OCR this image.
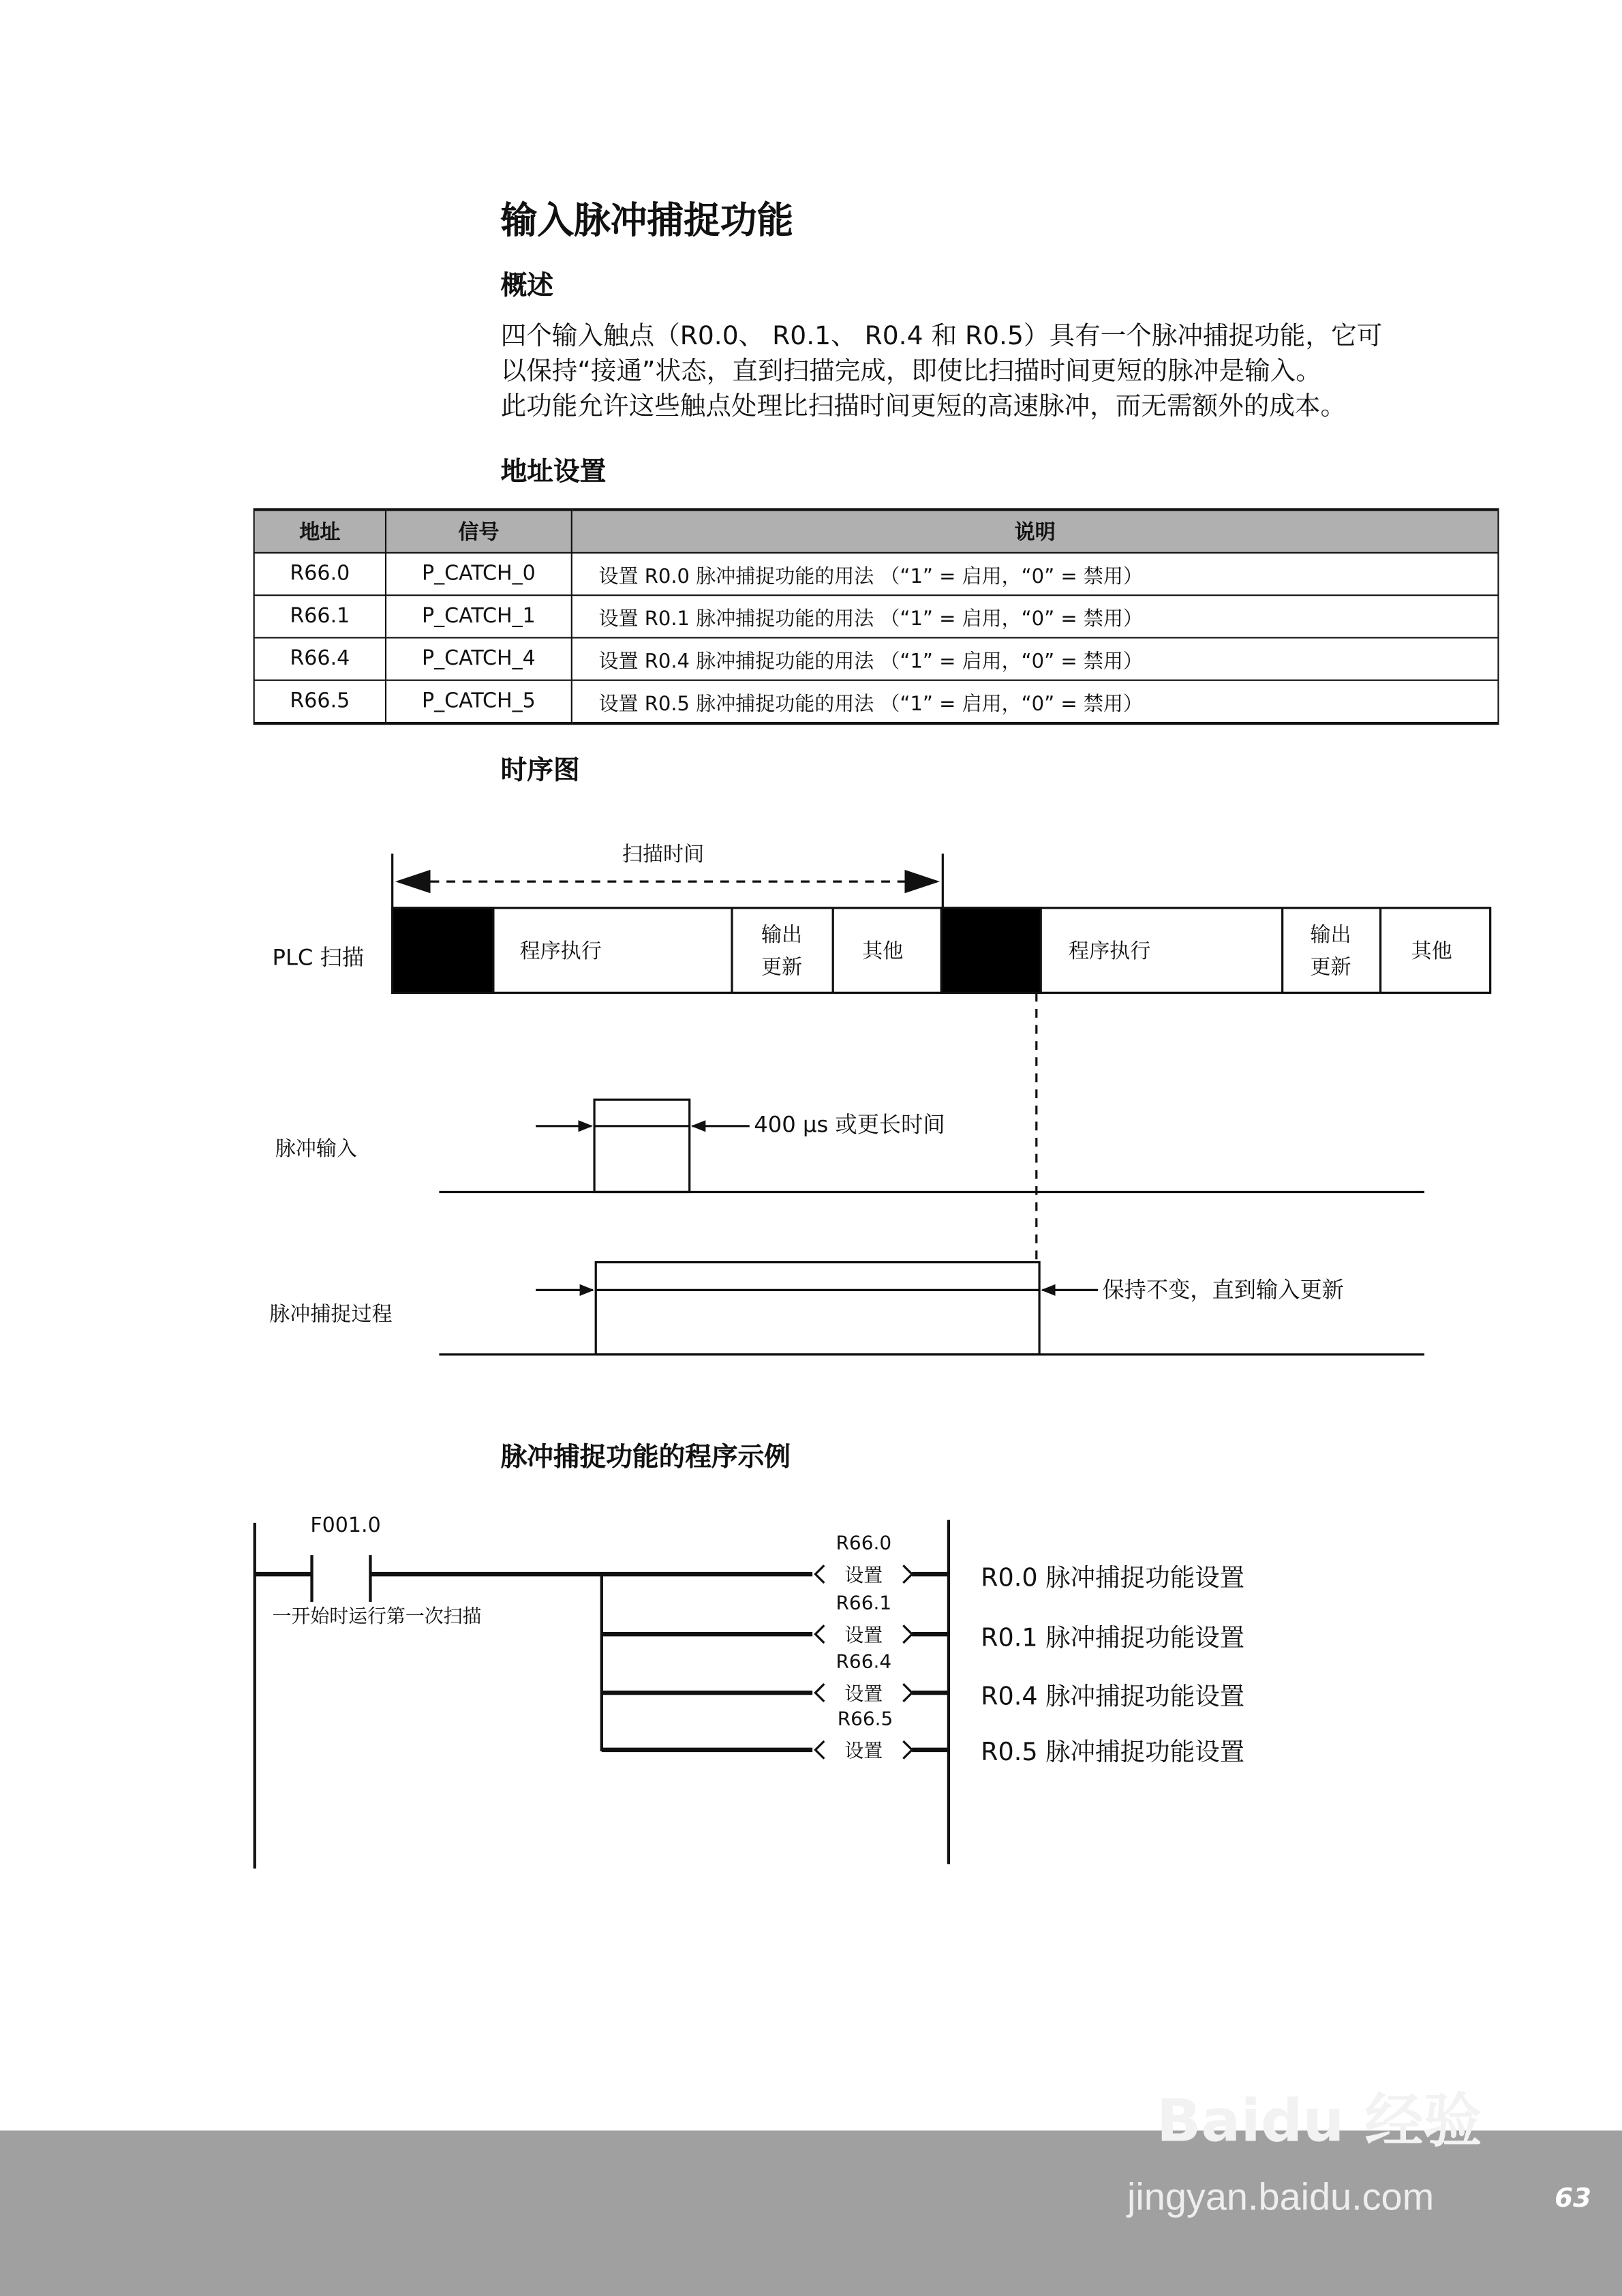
输入脉冲捕捉功能
概述
四个输入触点（R0.0、 R0.1、 R0.4 和 R0.5）具有一个脉冲捕捉功能，它可
以保持“接通”状态，直到扫描完成，即使比扫描时间更短的脉冲是输入。
此功能允许这些触点处理比扫描时间更短的高速脉冲，而无需额外的成本。
地址设置
地址	信号	说明
R66.0	P_CATCH_0	设置 R0.0 脉冲捕捉功能的用法 （“1” = 启用，“0” = 禁用）
R66.1	P_CATCH_1	设置 R0.1 脉冲捕捉功能的用法 （“1” = 启用，“0” = 禁用）
R66.4	P_CATCH_4	设置 R0.4 脉冲捕捉功能的用法 （“1” = 启用，“0” = 禁用）
R66.5	P_CATCH_5	设置 R0.5 脉冲捕捉功能的用法 （“1” = 启用，“0” = 禁用）
时序图
脉冲捕捉功能的程序示例
扫描时间
PLC 扫描	程序执行
输出
更新
其他	程序执行
输出
更新
其他
脉冲输入
400 μs 或更长时间
脉冲捕捉过程
保持不变，直到输入更新
F001.0
一开始时运行第一次扫描
R66.0
设置
R66.1
设置
R66.4
设置
R66.5
设置
R0.0 脉冲捕捉功能设置
R0.1 脉冲捕捉功能设置
R0.4 脉冲捕捉功能设置
R0.5 脉冲捕捉功能设置
Baidu 经验
jingyan.baidu.com	63
